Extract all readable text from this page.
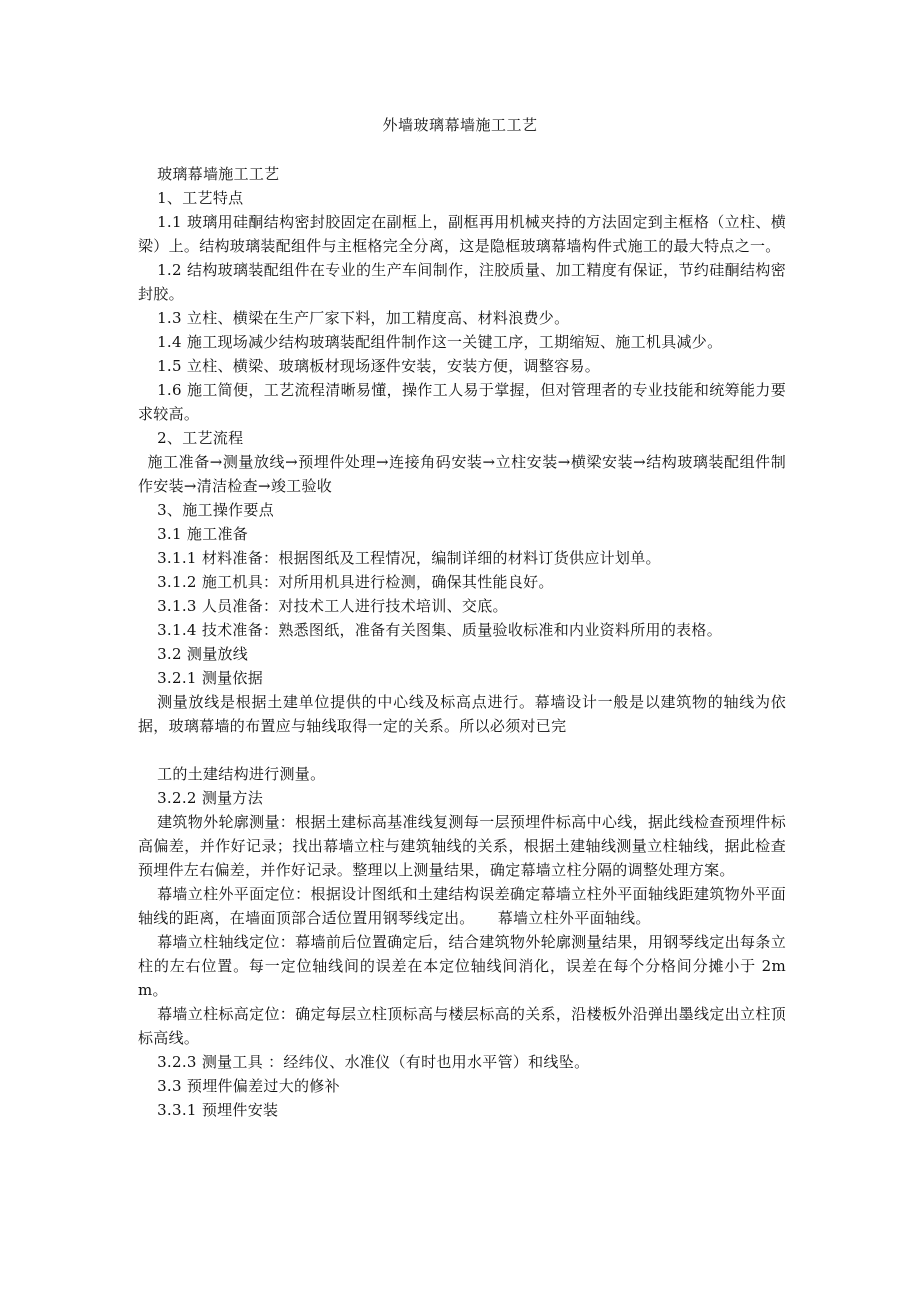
外墙玻璃幕墙施工工艺

玻璃幕墙施工工艺

1、工艺特点

1.1 玻璃用硅酮结构密封胶固定在副框上，副框再用机械夹持的方法固定到主框格（立柱、横梁）上。结构玻璃装配组件与主框格完全分离，这是隐框玻璃幕墙构件式施工的最大特点之一。

1.2 结构玻璃装配组件在专业的生产车间制作，注胶质量、加工精度有保证，节约硅酮结构密封胶。

1.3 立柱、横梁在生产厂家下料，加工精度高、材料浪费少。

1.4 施工现场减少结构玻璃装配组件制作这一关键工序，工期缩短、施工机具减少。

1.5 立柱、横梁、玻璃板材现场逐件安装，安装方便，调整容易。

1.6 施工简便，工艺流程清晰易懂，操作工人易于掌握，但对管理者的专业技能和统筹能力要求较高。

2、工艺流程

施工准备→测量放线→预埋件处理→连接角码安装→立柱安装→横梁安装→结构玻璃装配组件制作安装→清洁检查→竣工验收

3、施工操作要点

3.1 施工准备

3.1.1 材料准备：根据图纸及工程情况，编制详细的材料订货供应计划单。

3.1.2 施工机具：对所用机具进行检测，确保其性能良好。

3.1.3 人员准备：对技术工人进行技术培训、交底。

3.1.4 技术准备：熟悉图纸，准备有关图集、质量验收标准和内业资料所用的表格。

3.2 测量放线

3.2.1 测量依据

测量放线是根据土建单位提供的中心线及标高点进行。幕墙设计一般是以建筑物的轴线为依据，玻璃幕墙的布置应与轴线取得一定的关系。所以必须对已完

工的土建结构进行测量。

3.2.2 测量方法

建筑物外轮廓测量：根据土建标高基准线复测每一层预埋件标高中心线，据此线检查预埋件标高偏差，并作好记录；找出幕墙立柱与建筑轴线的关系，根据土建轴线测量立柱轴线，据此检查预埋件左右偏差，并作好记录。整理以上测量结果，确定幕墙立柱分隔的调整处理方案。

幕墙立柱外平面定位：根据设计图纸和土建结构误差确定幕墙立柱外平面轴线距建筑物外平面轴线的距离，在墙面顶部合适位置用钢琴线定出。　　幕墙立柱外平面轴线。

幕墙立柱轴线定位：幕墙前后位置确定后，结合建筑物外轮廓测量结果，用钢琴线定出每条立柱的左右位置。每一定位轴线间的误差在本定位轴线间消化，误差在每个分格间分摊小于 2mm。

幕墙立柱标高定位：确定每层立柱顶标高与楼层标高的关系，沿楼板外沿弹出墨线定出立柱顶标高线。

3.2.3 测量工具 ：经纬仪、水准仪（有时也用水平管）和线坠。

3.3 预埋件偏差过大的修补

3.3.1 预埋件安装
